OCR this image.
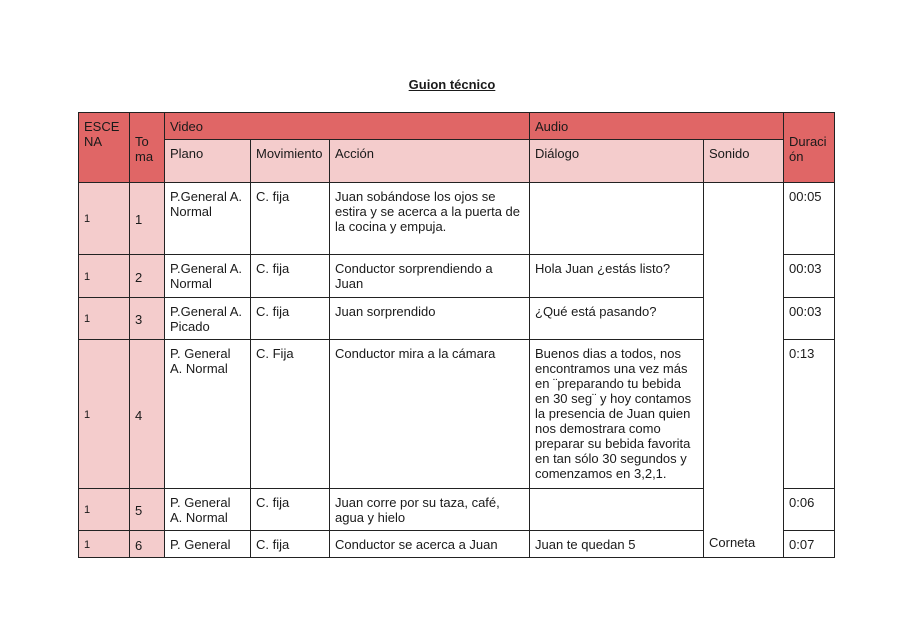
Guion técnico
ESCENA	Toma	Video			Audio		Duración
		Plano	Movimiento	Acción	Diálogo	Sonido	
1	1	P.General A. Normal	C. fija	Juan sobándose los ojos se estira y se acerca a la puerta de la cocina y empuja.		Corneta	00:05
1	2	P.General A. Normal	C. fija	Conductor sorprendiendo a Juan	Hola Juan ¿estás listo?		00:03
1	3	P.General A. Picado	C. fija	Juan sorprendido	¿Qué está pasando?		00:03
1	4	P. General A. Normal	C. Fija	Conductor mira a la cámara	Buenos dias a todos, nos encontramos una vez más en ¨preparando tu bebida en 30 seg¨ y hoy contamos la presencia de Juan quien nos demostrara como preparar su bebida favorita en tan sólo 30 segundos y comenzamos en 3,2,1.		0:13
1	5	P. General A. Normal	C. fija	Juan corre por su taza, café, agua y hielo			0:06
1	6	P. General	C. fija	Conductor se acerca a Juan	Juan te quedan 5		0:07
